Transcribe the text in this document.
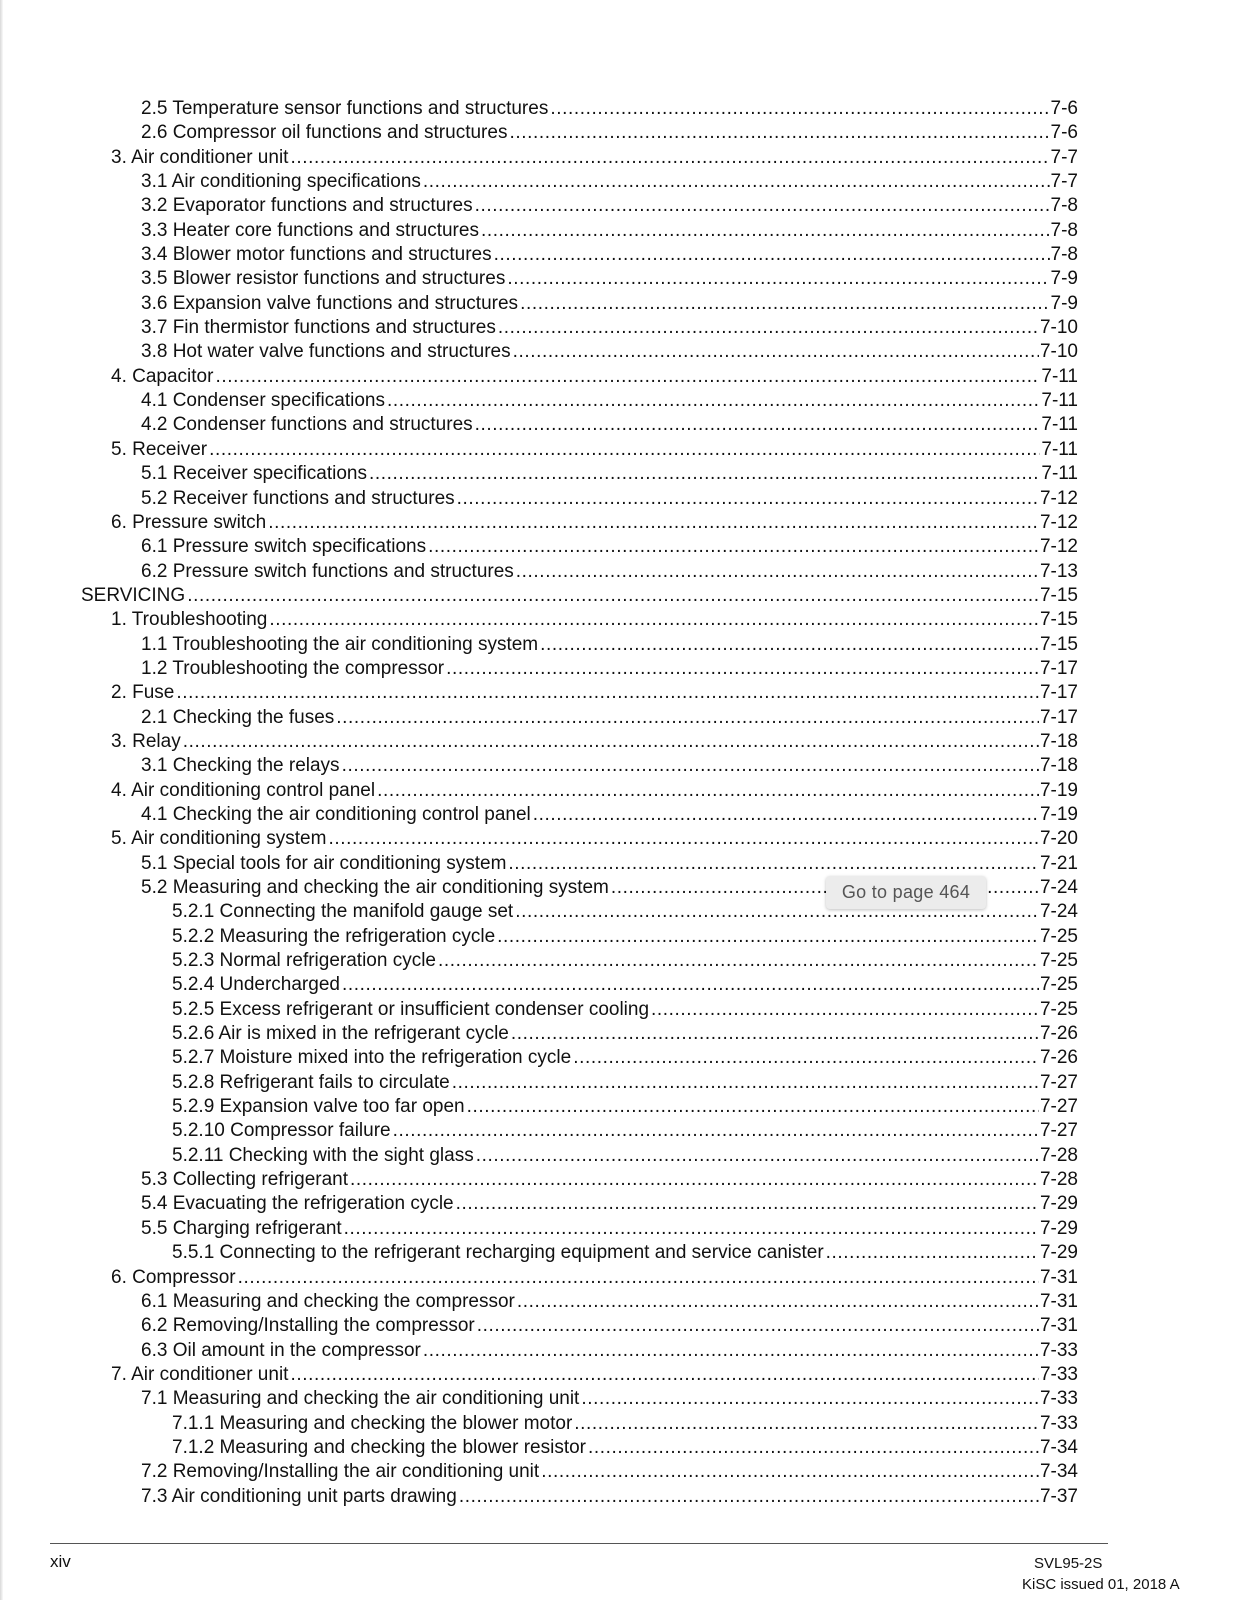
2.5 Temperature sensor functions and structures .....	7-6
2.6 Compressor oil functions and structures .....	7-6
3. Air conditioner unit .....	7-7
3.1 Air conditioning specifications .....	7-7
3.2 Evaporator functions and structures .....	7-8
3.3 Heater core functions and structures .....	7-8
3.4 Blower motor functions and structures .....	7-8
3.5 Blower resistor functions and structures .....	7-9
3.6 Expansion valve functions and structures .....	7-9
3.7 Fin thermistor functions and structures .....	7-10
3.8 Hot water valve functions and structures .....	7-10
4. Capacitor .....	7-11
4.1 Condenser specifications .....	7-11
4.2 Condenser functions and structures .....	7-11
5. Receiver .....	7-11
5.1 Receiver specifications .....	7-11
5.2 Receiver functions and structures .....	7-12
6. Pressure switch .....	7-12
6.1 Pressure switch specifications .....	7-12
6.2 Pressure switch functions and structures .....	7-13
SERVICING .....	7-15
1. Troubleshooting .....	7-15
1.1 Troubleshooting the air conditioning system .....	7-15
1.2 Troubleshooting the compressor .....	7-17
2. Fuse .....	7-17
2.1 Checking the fuses .....	7-17
3. Relay .....	7-18
3.1 Checking the relays .....	7-18
4. Air conditioning control panel .....	7-19
4.1 Checking the air conditioning control panel .....	7-19
5. Air conditioning system .....	7-20
5.1 Special tools for air conditioning system .....	7-21
5.2 Measuring and checking the air conditioning system .....	7-24
5.2.1 Connecting the manifold gauge set .....	7-24
5.2.2 Measuring the refrigeration cycle .....	7-25
5.2.3 Normal refrigeration cycle .....	7-25
5.2.4 Undercharged .....	7-25
5.2.5 Excess refrigerant or insufficient condenser cooling .....	7-25
5.2.6 Air is mixed in the refrigerant cycle .....	7-26
5.2.7 Moisture mixed into the refrigeration cycle .....	7-26
5.2.8 Refrigerant fails to circulate .....	7-27
5.2.9 Expansion valve too far open .....	7-27
5.2.10 Compressor failure .....	7-27
5.2.11 Checking with the sight glass .....	7-28
5.3 Collecting refrigerant .....	7-28
5.4 Evacuating the refrigeration cycle .....	7-29
5.5 Charging refrigerant .....	7-29
5.5.1 Connecting to the refrigerant recharging equipment and service canister .....	7-29
6. Compressor .....	7-31
6.1 Measuring and checking the compressor .....	7-31
6.2 Removing/Installing the compressor .....	7-31
6.3 Oil amount in the compressor .....	7-33
7. Air conditioner unit .....	7-33
7.1 Measuring and checking the air conditioning unit .....	7-33
7.1.1 Measuring and checking the blower motor .....	7-33
7.1.2 Measuring and checking the blower resistor .....	7-34
7.2 Removing/Installing the air conditioning unit .....	7-34
7.3 Air conditioning unit parts drawing .....	7-37
Go to page 464
xiv	SVL95-2S
KiSC issued 01, 2018 A
